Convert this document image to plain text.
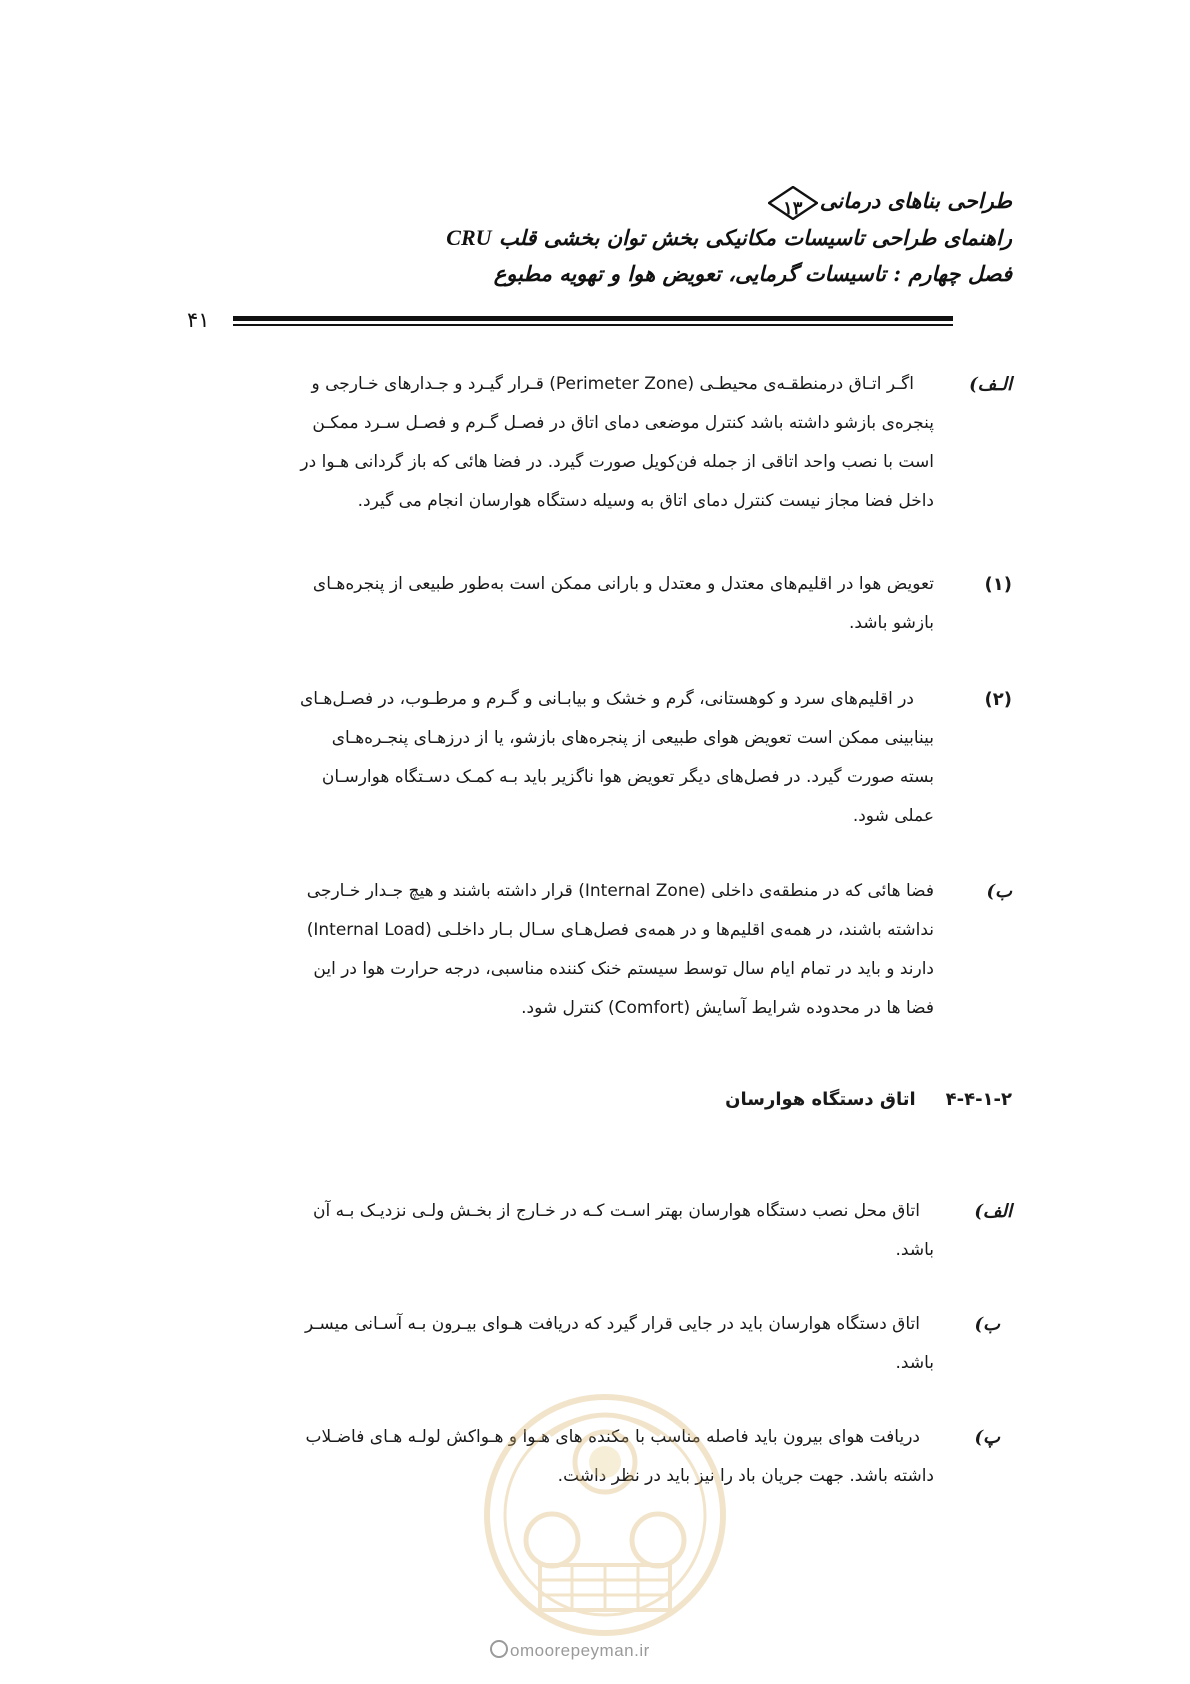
طراحی بناهای درمانی
۱۳
راهنمای طراحی تاسیسات مکانیکی بخش توان بخشی قلب CRU
فصل چهارم : تاسیسات گرمایی، تعویض هوا و تهویه مطبوع
۴۱
الـف)
اگـر اتـاق درمنطقـه‌ی محیطـی (Perimeter Zone) قـرار گیـرد و جـدارهای خـارجی و
پنجره‌ی بازشو داشته باشد کنترل موضعی دمای اتاق در فصـل گـرم و فصـل سـرد ممکـن
است با نصب واحد اتاقی از جمله فن‌کویل صورت گیرد. در فضا هائی که باز گردانی هـوا در
داخل فضا مجاز نیست کنترل دمای اتاق به وسیله دستگاه هوارسان انجام می گیرد.
(۱)
تعویض هوا در اقلیم‌های معتدل و معتدل و بارانی ممکن است به‌طور طبیعی از پنجره‌هـای
بازشو باشد.
(۲)
در اقلیم‌های سرد و کوهستانی، گرم و خشک و بیابـانی و گـرم و مرطـوب، در فصـل‌هـای
بینابینی ممکن است تعویض هوای طبیعی از پنجره‌های بازشو، یا از درزهـای پنجـره‌هـای
بسته صورت گیرد. در فصل‌های دیگر تعویض هوا ناگزیر باید بـه کمـک دسـتگاه هوارسـان
عملی شود.
ب)
فضا هائی که در منطقه‌ی داخلی (Internal Zone) قرار داشته باشند و هیچ جـدار خـارجی
نداشته باشند، در همه‌ی اقلیم‌ها و در همه‌ی فصل‌هـای سـال بـار داخلـی (Internal Load)
دارند و باید در تمام ایام سال توسط سیستم خنک کننده مناسبی، درجه حرارت هوا در این
فضا ها در محدوده شرایط آسایش (Comfort) کنترل شود.
۴-۴-۱-۲ اتاق دستگاه هوارسان
الف)
اتاق محل نصب دستگاه هوارسان بهتر اسـت کـه در خـارج از بخـش ولـی نزدیـک بـه آن
باشد.
ب)
اتاق دستگاه هوارسان باید در جایی قرار گیرد که دریافت هـوای بیـرون بـه آسـانی میسـر
باشد.
پ)
دریافت هوای بیرون باید فاصله مناسب با مکنده های هـوا و هـواکش لولـه هـای فاضـلاب
داشته باشد. جهت جریان باد را نیز باید در نظر داشت.
omoorepeyman.ir
